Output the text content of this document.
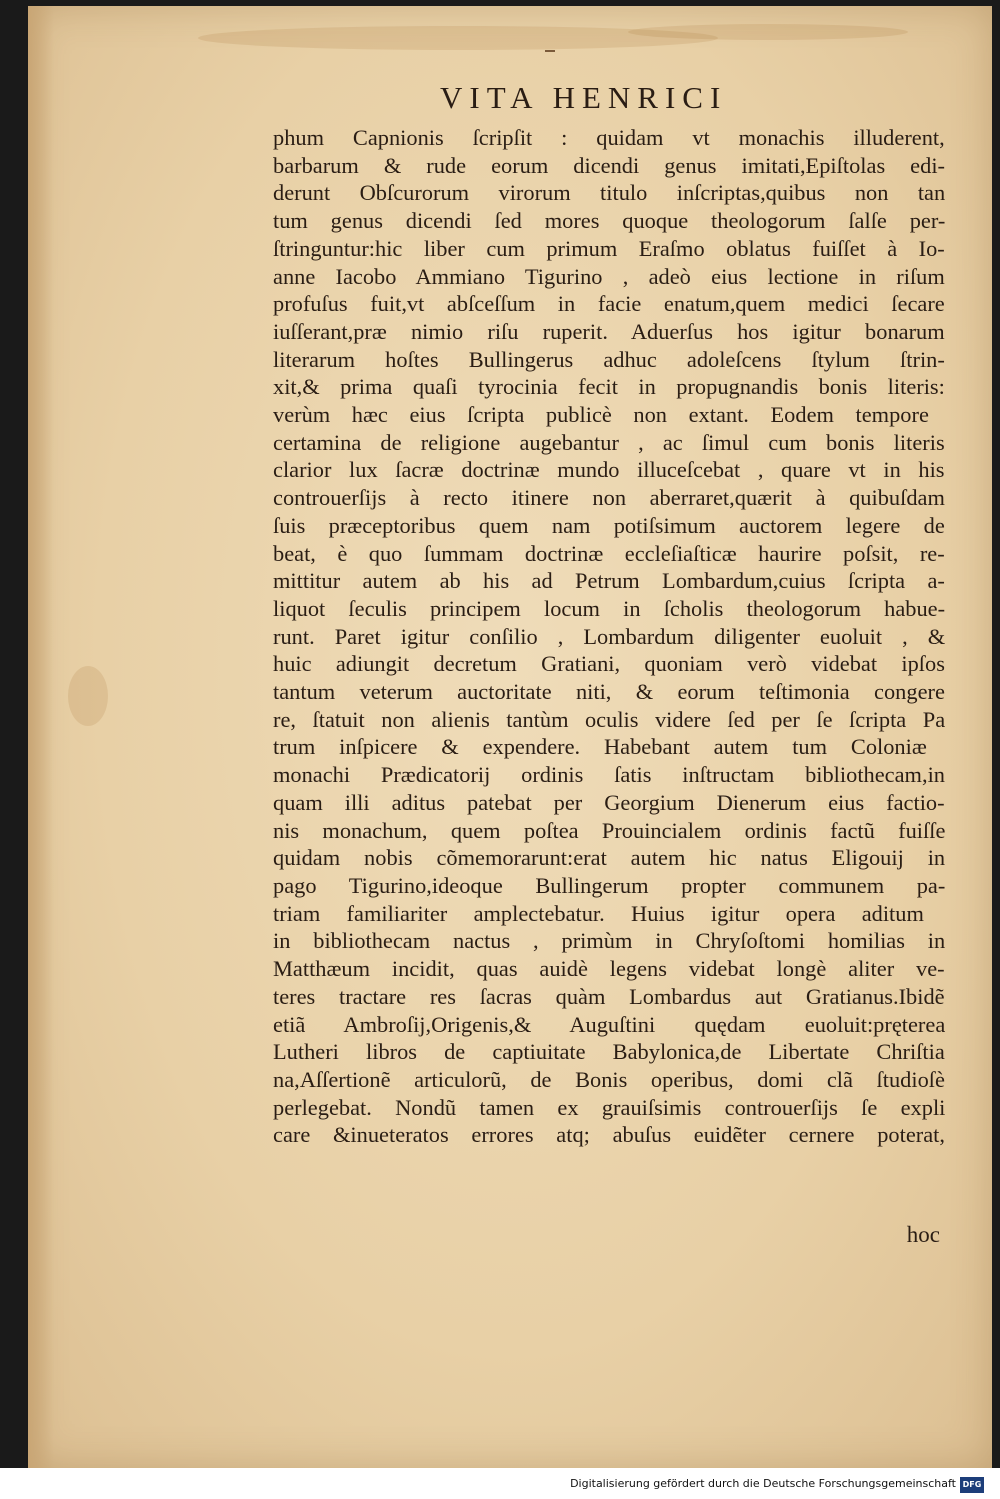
VITA HENRICI
phum Capnionis ſcripſit : quidam vt monachis illuderent,
barbarum & rude eorum dicendi genus imitati,Epiſtolas edi-
derunt Obſcurorum virorum titulo inſcriptas,quibus non tan
tum genus dicendi ſed mores quoque theologorum ſalſe per-
ſtringuntur:hic liber cum primum Eraſmo oblatus fuiſſet à Io-
anne Iacobo Ammiano Tigurino , adeò eius lectione in riſum
profuſus fuit,vt abſceſſum in facie enatum,quem medici ſecare
iuſſerant,præ nimio riſu ruperit. Aduerſus hos igitur bonarum
literarum hoſtes Bullingerus adhuc adoleſcens ſtylum ſtrin-
xit,& prima quaſi tyrocinia fecit in propugnandis bonis literis:
verùm hæc eius ſcripta publicè non extant. Eodem tempore
certamina de religione augebantur , ac ſimul cum bonis literis
clarior lux ſacræ doctrinæ mundo illuceſcebat , quare vt in his
controuerſijs à recto itinere non aberraret,quærit à quibuſdam
ſuis præceptoribus quem nam potiſsimum auctorem legere de
beat, è quo ſummam doctrinæ eccleſiaſticæ haurire poſsit, re-
mittitur autem ab his ad Petrum Lombardum,cuius ſcripta a-
liquot ſeculis principem locum in ſcholis theologorum habue-
runt. Paret igitur conſilio , Lombardum diligenter euoluit , &
huic adiungit decretum Gratiani, quoniam verò videbat ipſos
tantum veterum auctoritate niti, & eorum teſtimonia congere
re, ſtatuit non alienis tantùm oculis videre ſed per ſe ſcripta Pa
trum inſpicere & expendere. Habebant autem tum Coloniæ
monachi Prædicatorij ordinis ſatis inſtructam bibliothecam,in
quam illi aditus patebat per Georgium Dienerum eius factio-
nis monachum, quem poſtea Prouincialem ordinis factũ fuiſſe
quidam nobis cõmemorarunt:erat autem hic natus Eligouij in
pago Tigurino,ideoque Bullingerum propter communem pa-
triam familiariter amplectebatur. Huius igitur opera aditum
in bibliothecam nactus , primùm in Chryſoſtomi homilias in
Matthæum incidit, quas auidè legens videbat longè aliter ve-
teres tractare res ſacras quàm Lombardus aut Gratianus.Ibidẽ
etiã Ambroſij,Origenis,& Auguſtini quędam euoluit:pręterea
Lutheri libros de captiuitate Babylonica,de Libertate Chriſtia
na,Aſſertionẽ articulorũ, de Bonis operibus, domi clã ſtudioſè
perlegebat. Nondũ tamen ex grauiſsimis controuerſijs ſe expli
care &inueteratos errores atq; abuſus euidẽter cernere poterat,
hoc
Digitalisierung gefördert durch die Deutsche Forschungsgemeinschaft DFG
